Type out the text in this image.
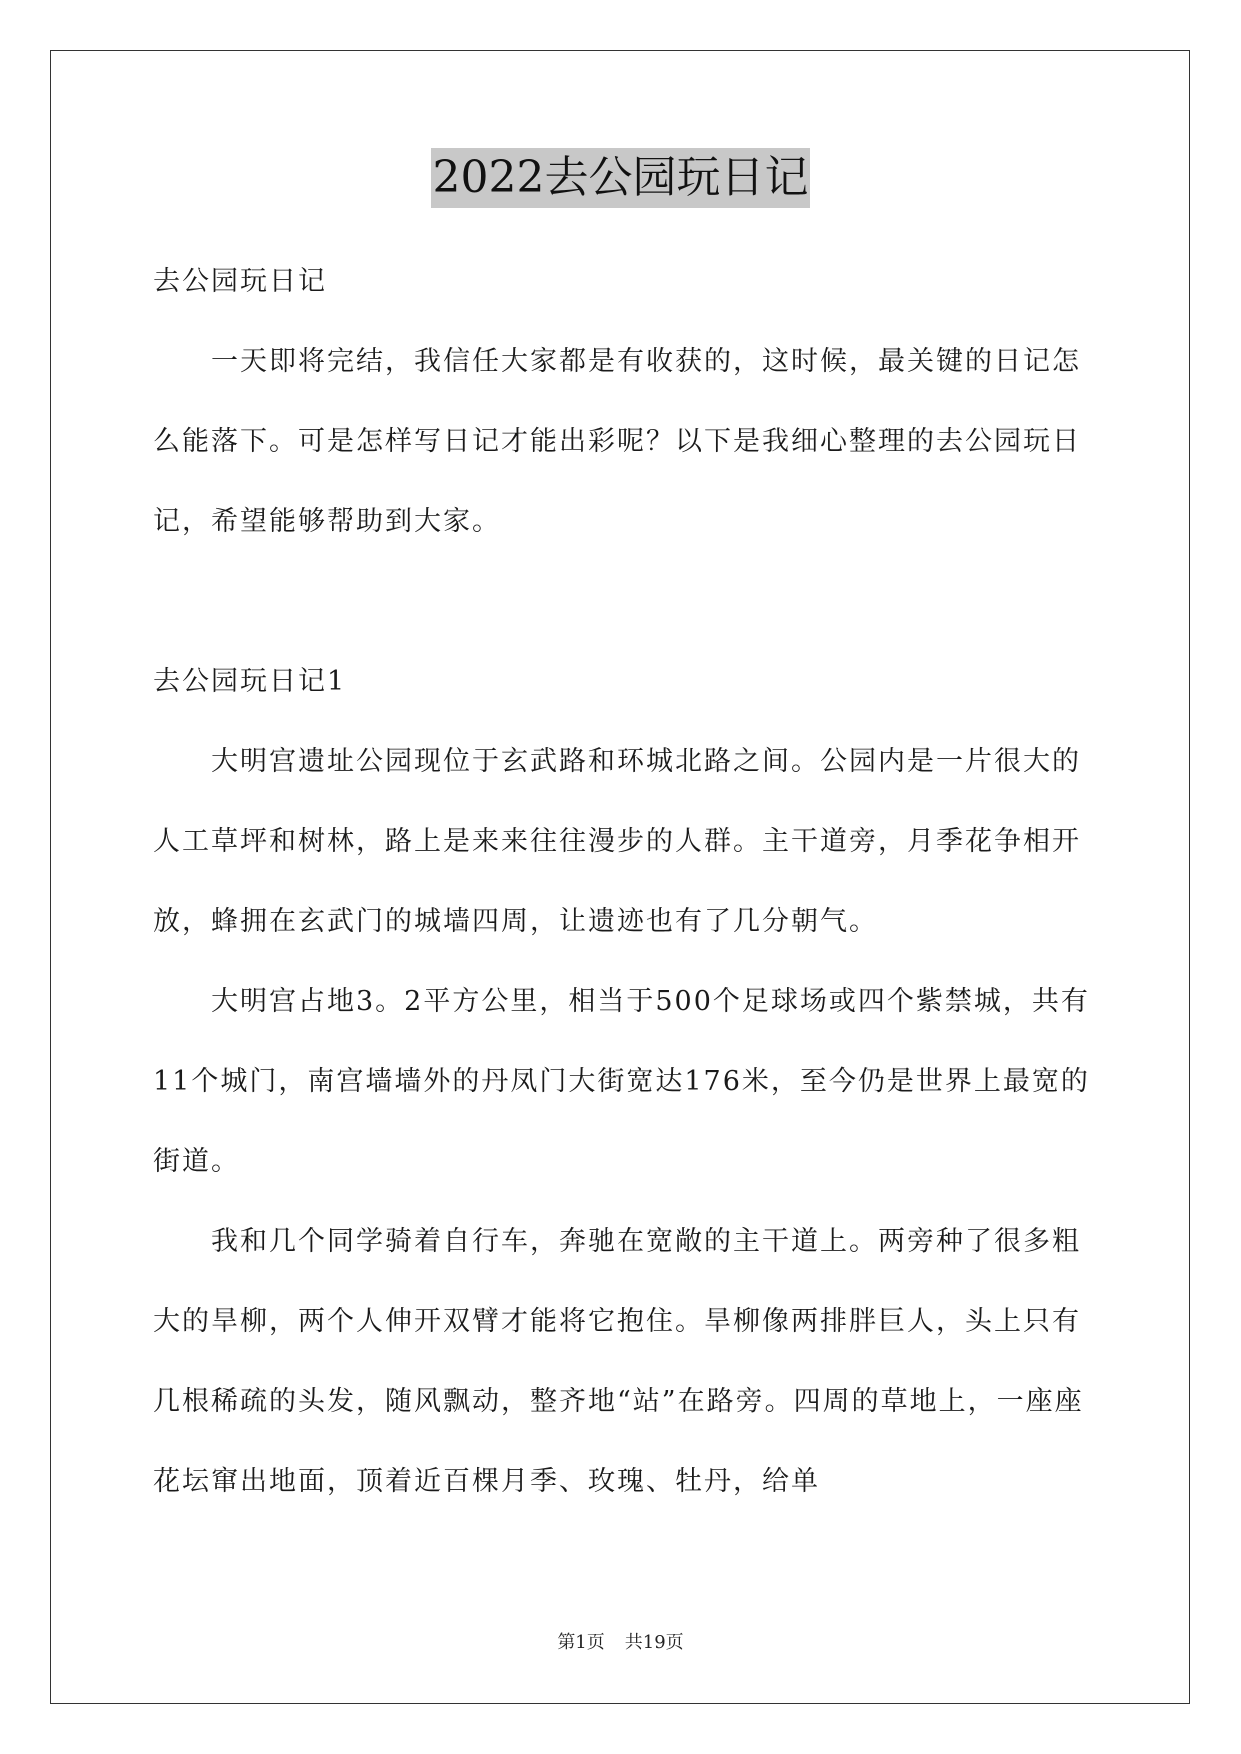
2022去公园玩日记

去公园玩日记

一天即将完结，我信任大家都是有收获的，这时候，最关键的日记怎么能落下。可是怎样写日记才能出彩呢？以下是我细心整理的去公园玩日记，希望能够帮助到大家。

去公园玩日记1

大明宫遗址公园现位于玄武路和环城北路之间。公园内是一片很大的人工草坪和树林，路上是来来往往漫步的人群。主干道旁，月季花争相开放，蜂拥在玄武门的城墙四周，让遗迹也有了几分朝气。

大明宫占地3。2平方公里，相当于500个足球场或四个紫禁城，共有11个城门，南宫墙墙外的丹凤门大街宽达176米，至今仍是世界上最宽的街道。

我和几个同学骑着自行车，奔驰在宽敞的主干道上。两旁种了很多粗大的旱柳，两个人伸开双臂才能将它抱住。旱柳像两排胖巨人，头上只有几根稀疏的头发，随风飘动，整齐地“站”在路旁。四周的草地上，一座座花坛窜出地面，顶着近百棵月季、玫瑰、牡丹，给单

第1页 共19页
